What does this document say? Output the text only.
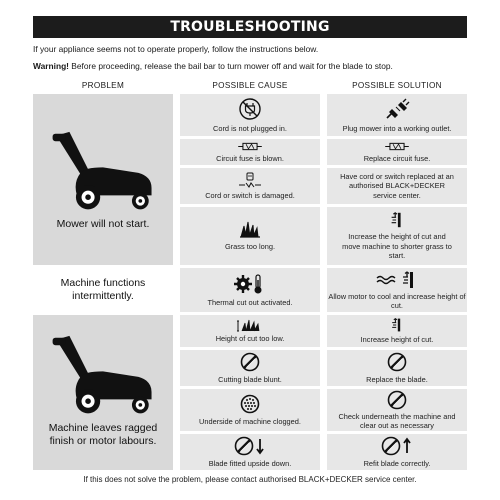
TROUBLESHOOTING
If your appliance seems not to operate properly, follow the instructions below.
Warning! Before proceeding, release the bail bar to turn mower off and wait for the blade to stop.
PROBLEM	POSSIBLE CAUSE	POSSIBLE SOLUTION
Mower will not start.
Machine functions intermittently.
Machine leaves ragged finish or motor labours.
Cord is not plugged in.
Circuit fuse is blown.
Cord or switch is damaged.
Grass too long.
Thermal cut out activated.
Height of cut too low.
Cutting blade blunt.
Underside of machine clogged.
Blade fitted upside down.
Plug mower into a working outlet.
Replace circuit fuse.
Have cord or switch replaced at an authorised BLACK+DECKER service center.
Increase the height of cut and move machine to shorter grass to start.
Allow motor to cool and increase height of cut.
Increase height of cut.
Replace the blade.
Check underneath the machine and clear out as necessary
Refit blade correctly.
If this does not solve the problem, please contact authorised BLACK+DECKER service center.
